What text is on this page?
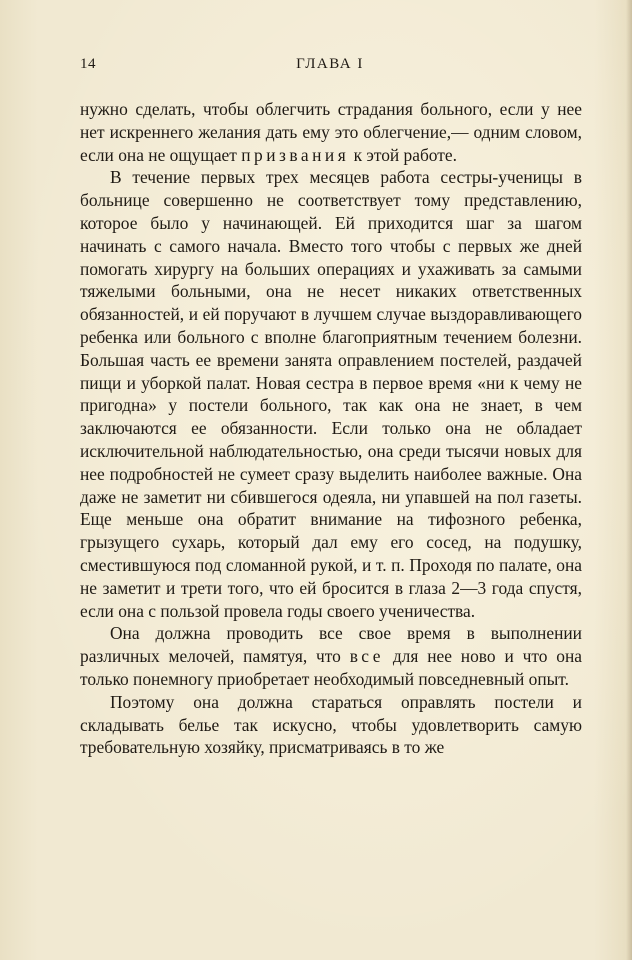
14	ГЛАВА I

нужно сделать, чтобы облегчить страдания больного, если у нее нет искреннего желания дать ему это облегчение,— одним словом, если она не ощущает призвания к этой работе.

В течение первых трех месяцев работа сестры-ученицы в больнице совершенно не соответствует тому представлению, которое было у начинающей. Ей приходится шаг за шагом начинать с самого начала. Вместо того чтобы с первых же дней помогать хирургу на больших операциях и ухаживать за самыми тяжелыми больными, она не несет никаких ответственных обязанностей, и ей поручают в лучшем случае выздоравливающего ребенка или больного с вполне благоприятным течением болезни. Большая часть ее времени занята оправлением постелей, раздачей пищи и уборкой палат. Новая сестра в первое время «ни к чему не пригодна» у постели больного, так как она не знает, в чем заключаются ее обязанности. Если только она не обладает исключительной наблюдательностью, она среди тысячи новых для нее подробностей не сумеет сразу выделить наиболее важные. Она даже не заметит ни сбившегося одеяла, ни упавшей на пол газеты. Еще меньше она обратит внимание на тифозного ребенка, грызущего сухарь, который дал ему его сосед, на подушку, сместившуюся под сломанной рукой, и т. п. Проходя по палате, она не заметит и трети того, что ей бросится в глаза 2—3 года спустя, если она с пользой провела годы своего ученичества.

Она должна проводить все свое время в выполнении различных мелочей, памятуя, что все для нее ново и что она только понемногу приобретает необходимый повседневный опыт.

Поэтому она должна стараться оправлять постели и складывать белье так искусно, чтобы удовлетворить самую требовательную хозяйку, присматриваясь в то же
